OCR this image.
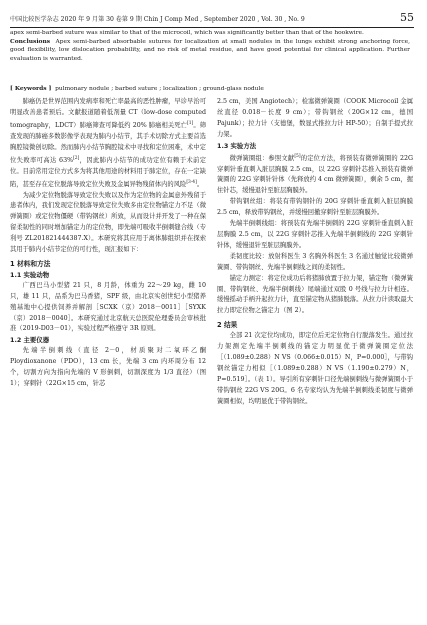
中国比较医学杂志 2020 年 9 月第 30 卷第 9 期 Chin J Comp Med , September 2020 , Vol. 30 , No. 9	55

apex semi-barbed suture was similar to that of the microcoil, which was significantly better than that of the hookwire.

Conclusions Apex semi-barbed absorbable sutures for localization at small nodules in the lungs exhibit strong anchoring force, good flexibility, low dislocation probability, and no risk of metal residue, and have good potential for clinical application. Further evaluation is warranted.

[ Keywords ] pulmonary nodule ; barbed suture ; localization ; ground-glass nodule

肺癌仍是世界范围内发病率和死亡率最高的恶性肿瘤，早诊早治可明显改善患者预后。文献报道随着低剂量 CT（low-dose computed tomography，LDCT）肺癌筛查可降低约 20% 肺癌相关死亡[1]。筛查发现的肺癌多数影像学表现为肺内小结节，其手术切除方式主要首选胸腔镜微创切除。然而肺内小结节胸腔镜术中寻找和定位困难，术中定位失败率可高达 63%[2]，因此肺内小结节的成功定位有赖于术前定位。目前常用定位方式多为将其他用途的材料用于肺定位，存在一定缺陷，甚至存在定位脱落导致定位失败及金属异物残留体内的风险[3-4]。

为减少定位物脱落导致定位失败以及作为定位物的金属意外残留于患者体内，我们发现定位脱落导致定位失败多由定位物锚定力不足（微弹簧圈）或定位物僵硬（带钩钢丝）所致，从而设计并开发了一种在保留柔韧性的同时增加锚定力的定位物，即先端可吸收半倒刺缝合线（专利号 ZL201821444387.X）。本研究将其应用于离体肺组织并在探索其用于肺内小结节定位的可行性，现汇报如下：

1 材料和方法

1.1 实验动物

广西巴马小型猪 21 只，8 月龄，体重为 22～29 kg，雌 10 只，雄 11 只，品系为巴马香猪，SPF 级，由北京实创世纪小型猪养殖基地中心提供饲养并解剖［SCXK（京）2018－0011］［SYXK（京）2018－0040］。本研究通过北京航天总医院伦理委员会审核批准（2019-D03－01），实验过程严格遵守 3R 原则。

1.2 主要仪器

先端半倒刺线（直径 2－0，材质聚对二氧环乙酮 Ploydioxanone（PDO），13 cm 长，先端 3 cm 内环周分布 12 个，切割方向为指向先端的 V 形倒刺，切割深度为 1/3 直径）（图 1）；穿刺针（22G×15 cm，针芯

2.5 cm，美国 Angiotech）；检塞微弹簧圈（COOK Microcoil 金属丝直径 0.018－长度 9 cm）；带钩钢丝（20G×12 cm，德国 Pajunk）；拉力计（支德堡，数显式推拉力计 HP-50）；自制手提式拉力架。

1.3 实验方法

微弹簧圈组：参照文献[5]的定位方法，将预装有微弹簧圈的 22G 穿刺针垂直刺入脏层胸膜 2.5 cm，以 22G 穿刺针芯推入预装有微弹簧圈的 22G 穿刺针针体（先释放约 4 cm 微弹簧圈），剩余 5 cm，握住针芯，缓慢退针至脏层胸膜外。

带钩钢丝组：将装有带钩钢针的 20G 穿刺针垂直刺入脏层胸膜 2.5 cm，释放带钩钢丝，并缓慢回撤穿刺针至脏层胸膜外。

先端半倒刺线组：将预装有先端半倒刺的 22G 穿刺针垂直刺入脏层胸膜 2.5 cm，以 22G 穿刺针芯推入先端半倒刺线的 22G 穿刺针针体，缓慢退针至脏层胸膜外。

柔韧度比较：放射科医生 3 名胸外科医生 3 名通过触觉比较微弹簧圈、带钩钢丝、先端半倒刺线之间的柔韧性。

锚定力测定：将定位成功后将猪肺放置于拉力架，锚定物（微弹簧圈、带钩钢丝、先端半倒刺线）尾端通过双股 0 号线与拉力计相连。缓慢摇动手柄升起拉力计，直至锚定物从猪肺脱落。从拉力计读取最大拉力即定位物之锚定力（图 2）。

2 结果

全部 21 次定位均成功，即定位后无定位物自行脱落发生。通过拉力架测定先端半倒刺线的锚定力明显优于微弹簧圈定位法［（1.089±0.288）N VS（0.066±0.015）N，P=0.000］，与带钩钢丝锚定力相似［（1.089±0.288）N VS（1.190±0.279）N，P=0.519］。（表 1）。导引所有穿刺针口径先端倒刺线与微弹簧圈小于带钩钢丝 22G VS 20G。6 名专家均认为先端半倒刺线柔韧度与微弹簧圈相似，均明显优于带钩钢丝。
